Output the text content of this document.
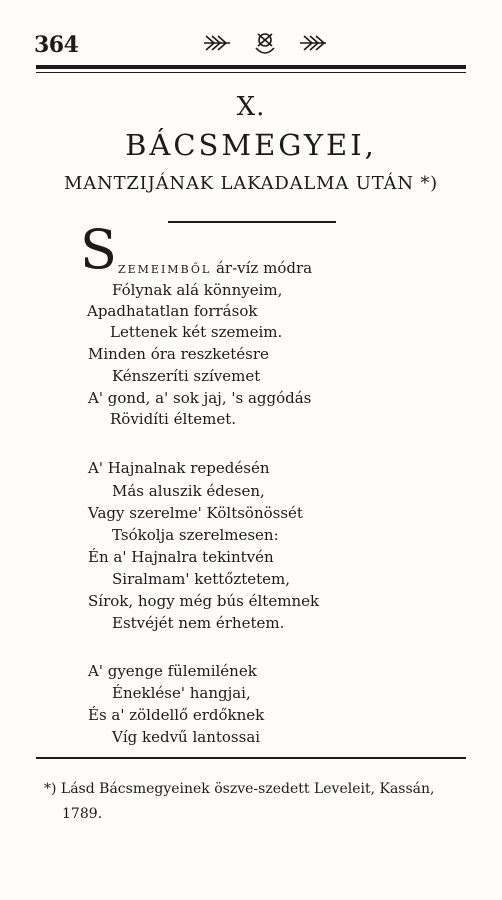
364
X.
BÁCSMEGYEI,
MANTZIJÁNAK LAKADALMA UTÁN *)
S ZEMEIMBŐL ár-víz módra
Fólynak alá könnyeim,
Apadhatatlan források
Lettenek két szemeim.
Minden óra reszketésre
Kénszeríti szívemet
A' gond, a' sok jaj, 's aggódás
Rövidíti éltemet.
A' Hajnalnak repedésén
Más aluszik édesen,
Vagy szerelme' Költsönössét
Tsókolja szerelmesen:
Én a' Hajnalra tekintvén
Siralmam' kettőztetem,
Sírok, hogy még bús éltemnek
Estvéjét nem érhetem.
A' gyenge fülemilének
Éneklése' hangjai,
És a' zöldellő erdőknek
Víg kedvű lantossai
*) Lásd Bácsmegyeinek öszve-szedett Leveleit, Kassán,
1789.
